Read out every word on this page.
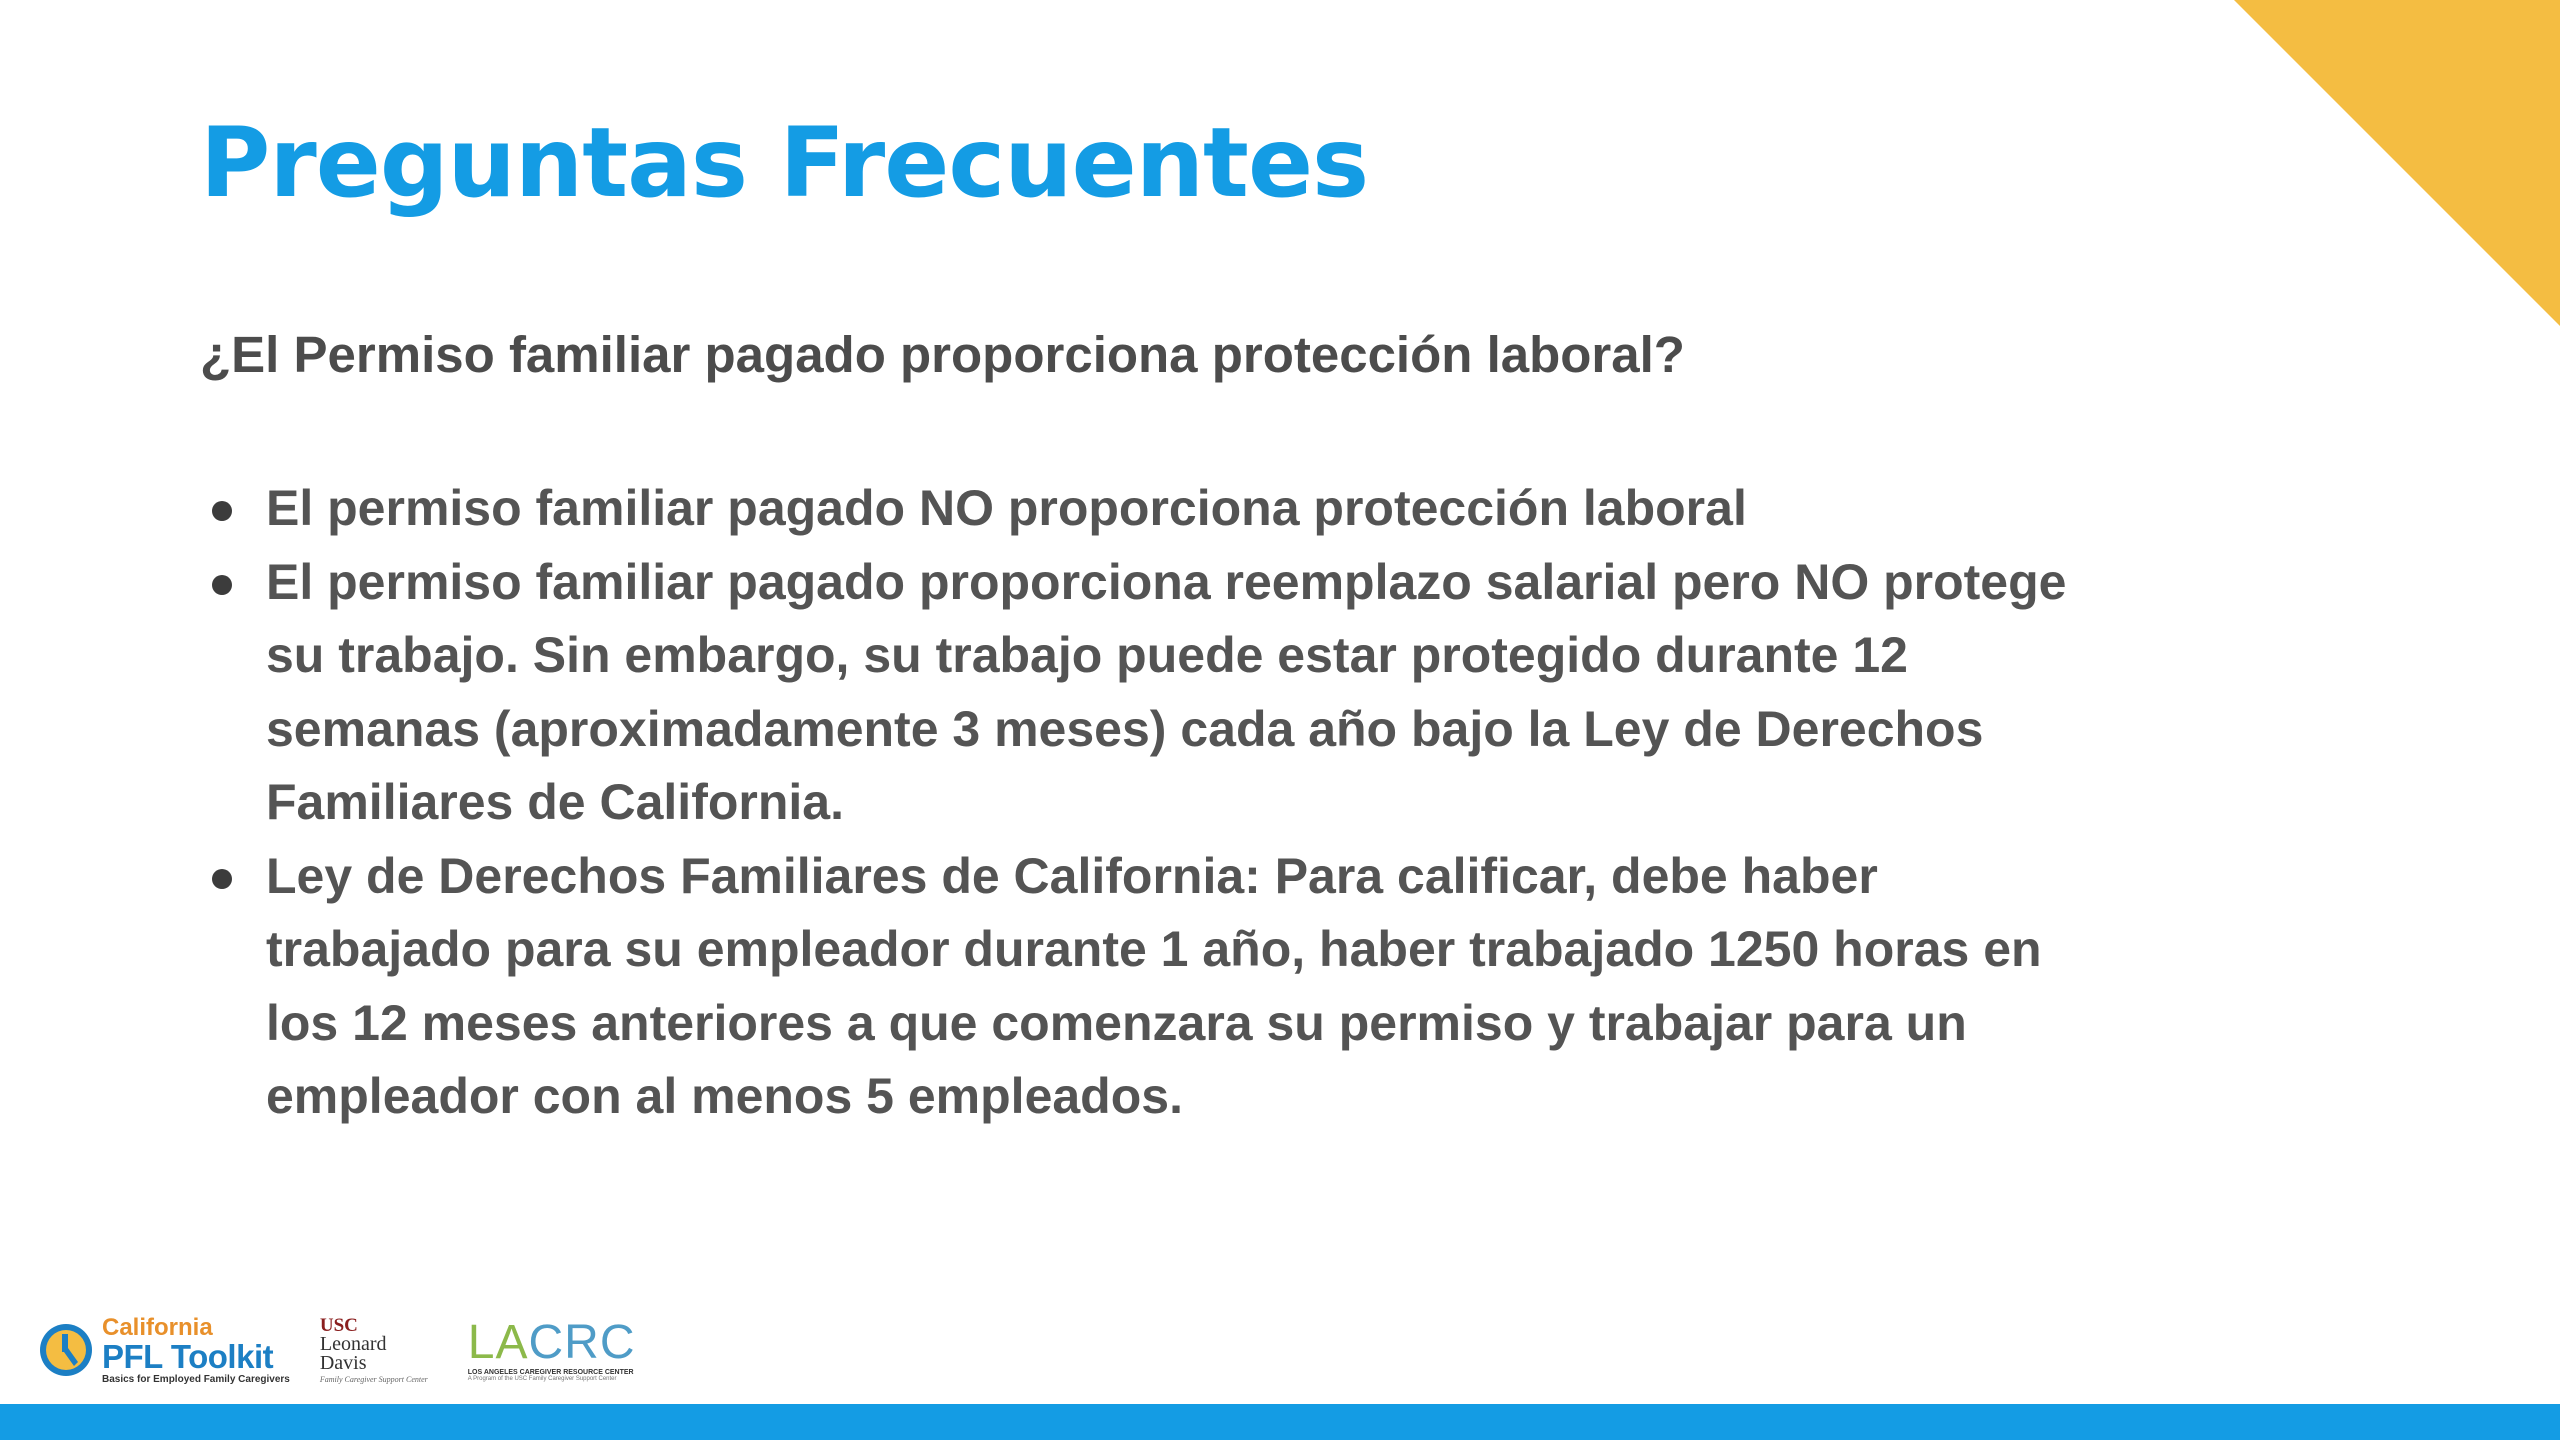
Preguntas Frecuentes
¿El Permiso familiar pagado proporciona protección laboral?
El permiso familiar pagado NO proporciona protección laboral
El permiso familiar pagado proporciona reemplazo salarial pero NO protege su trabajo. Sin embargo, su trabajo puede estar protegido durante 12 semanas (aproximadamente 3 meses) cada año bajo la Ley de Derechos Familiares de California.
Ley de Derechos Familiares de California: Para calificar, debe haber trabajado para su empleador durante 1 año, haber trabajado 1250 horas en los 12 meses anteriores a que comenzara su permiso y trabajar para un empleador con al menos 5 empleados.
California
PFL Toolkit
Basics for Employed Family Caregivers
USC
Leonard
Davis
Family Caregiver Support Center
LACRC
LOS ANGELES CAREGIVER RESOURCE CENTER
A Program of the USC Family Caregiver Support Center
